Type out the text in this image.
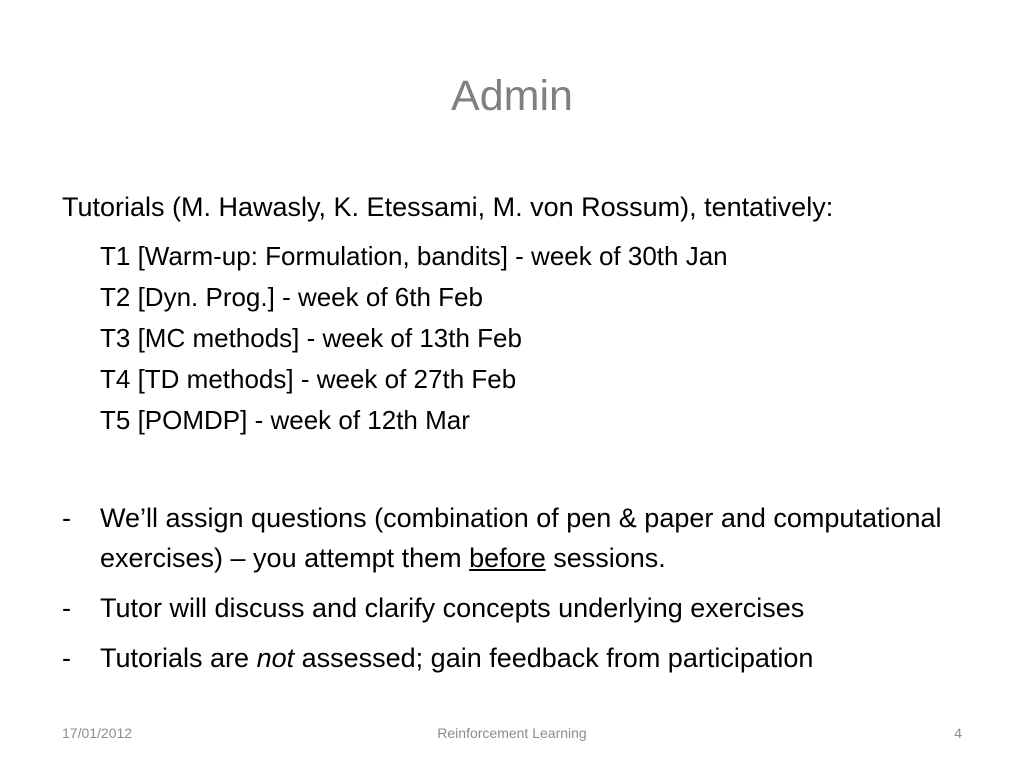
Admin
Tutorials (M. Hawasly, K. Etessami, M. von Rossum), tentatively:
T1 [Warm-up: Formulation, bandits] - week of 30th Jan
T2 [Dyn. Prog.] - week of 6th Feb
T3 [MC methods] - week of 13th Feb
T4 [TD methods] - week of 27th Feb
T5 [POMDP] - week of 12th Mar
- We’ll assign questions (combination of pen & paper and computational exercises) – you attempt them before sessions.
- Tutor will discuss and clarify concepts underlying exercises
- Tutorials are not assessed; gain feedback from participation
17/01/2012	Reinforcement Learning	4
